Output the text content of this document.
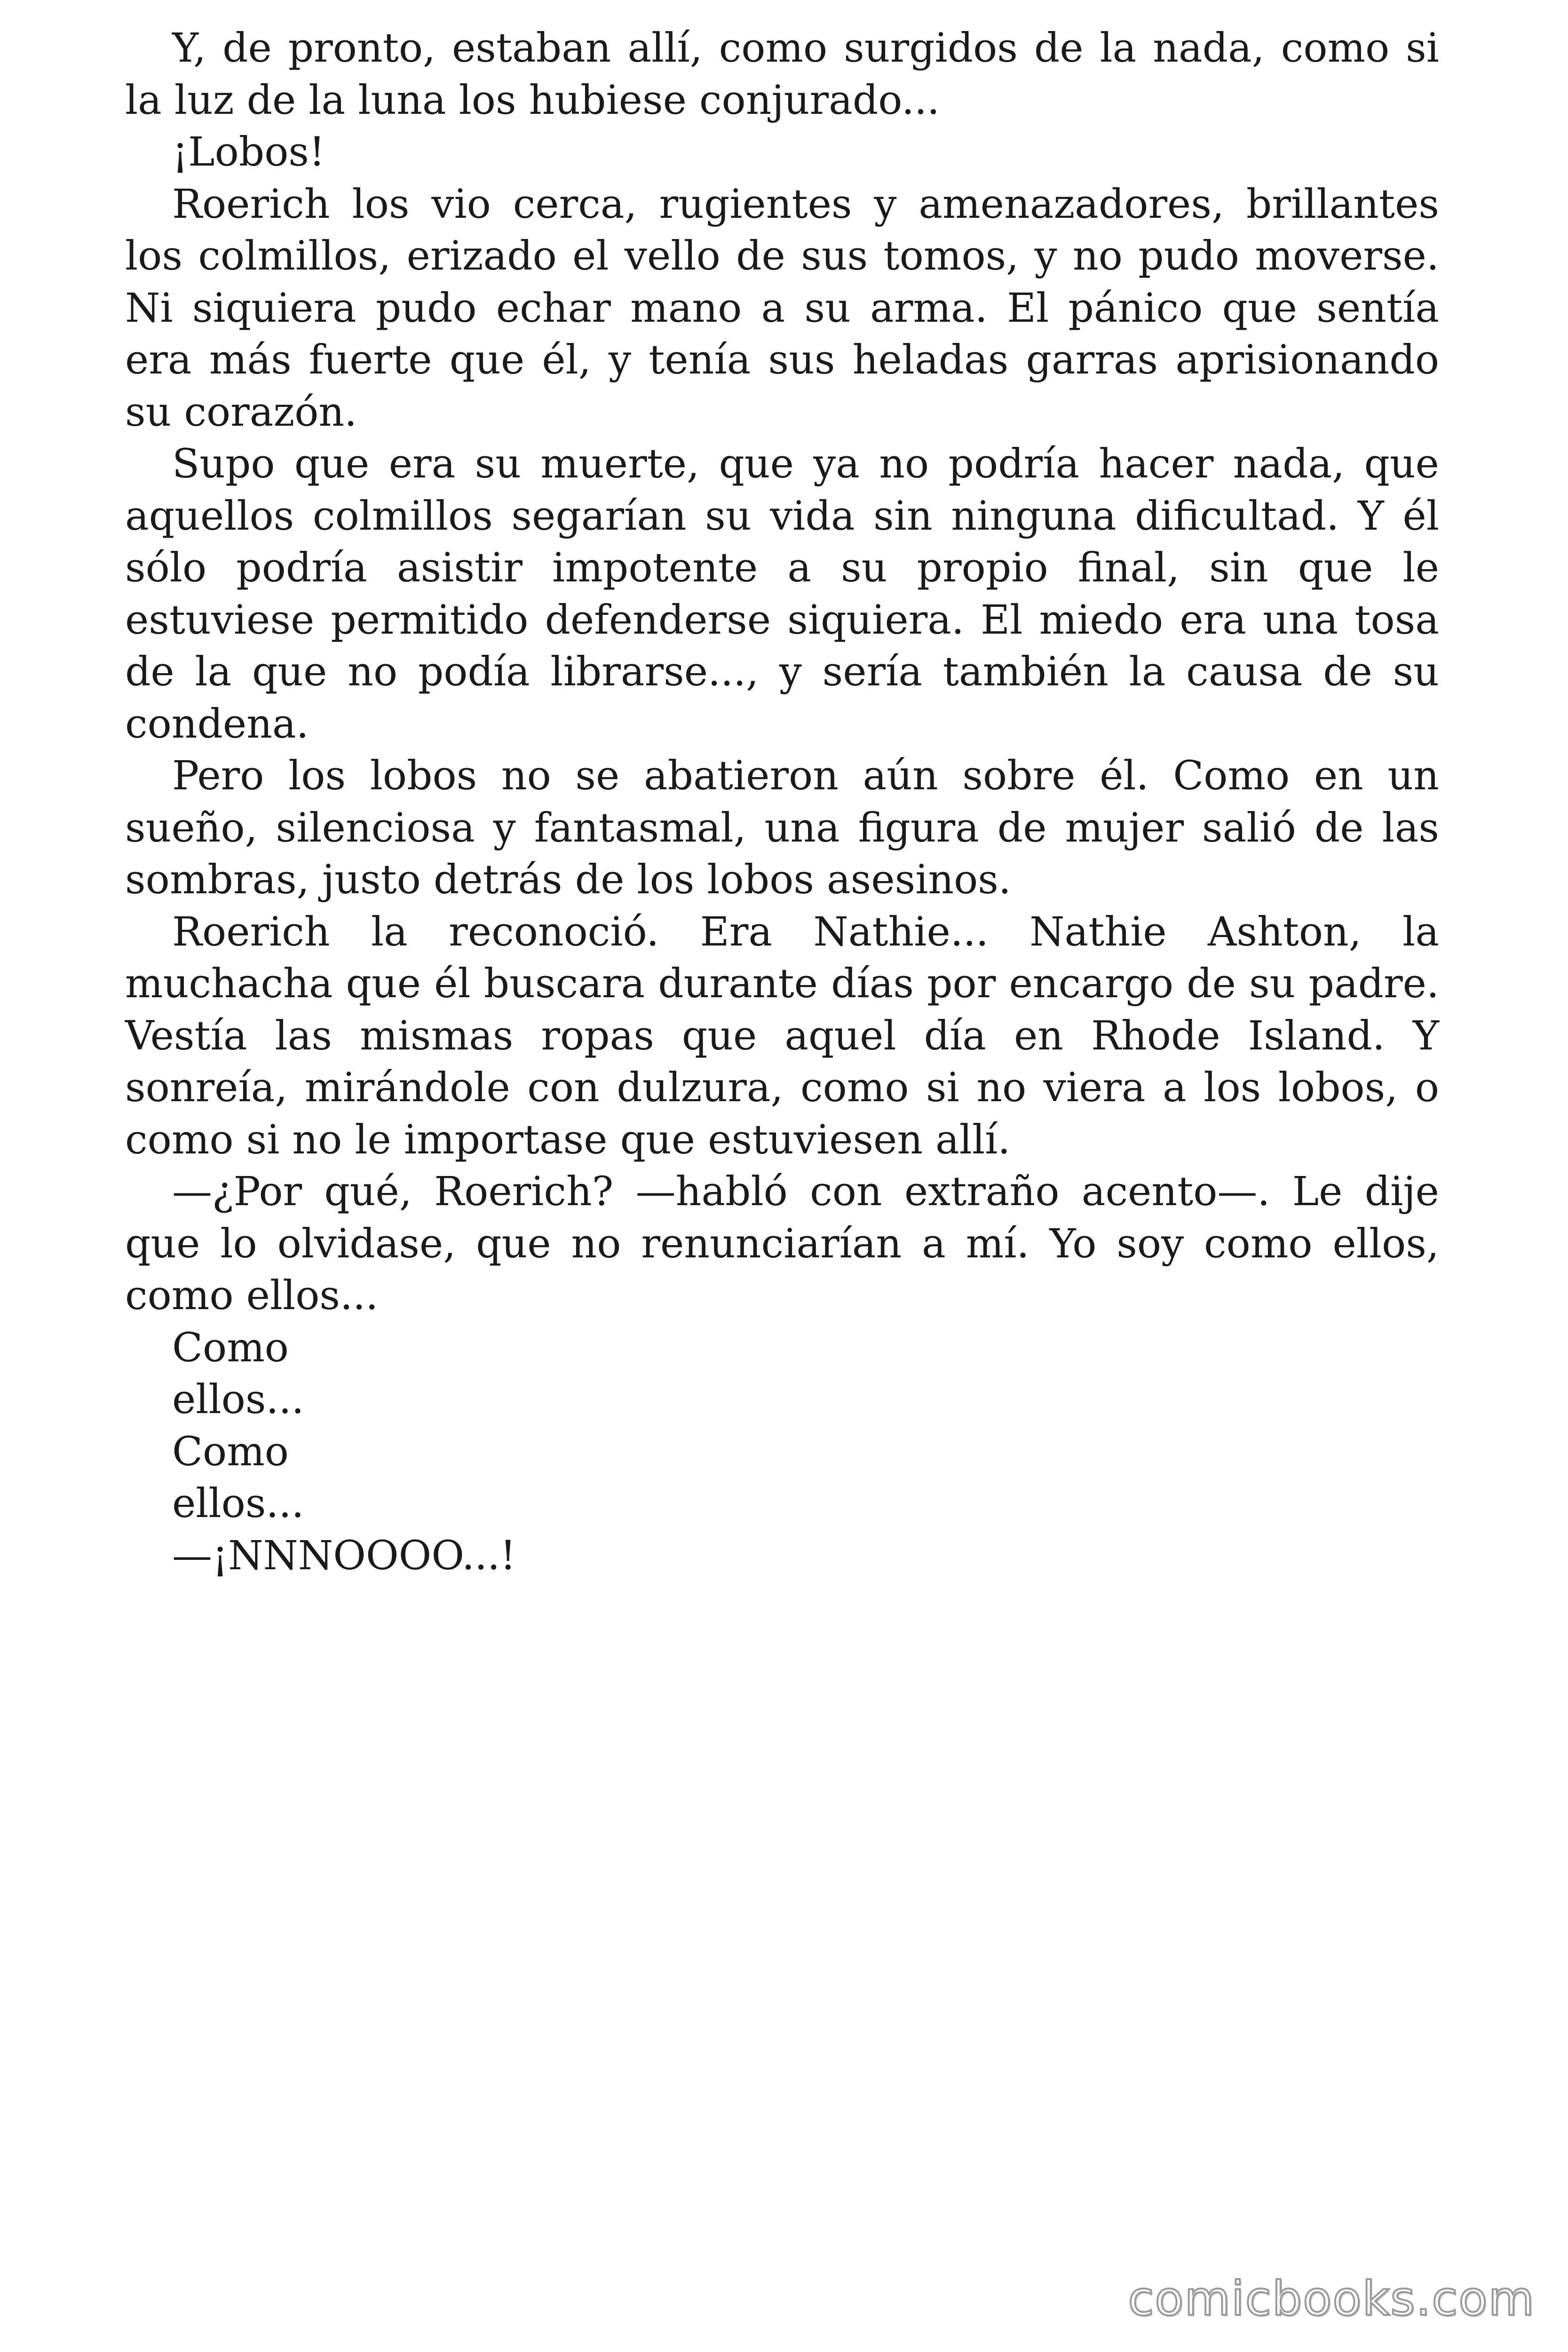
Y, de pronto, estaban allí, como surgidos de la nada, como si la luz de la luna los hubiese conjurado...

¡Lobos!

Roerich los vio cerca, rugientes y amenazadores, brillantes los colmillos, erizado el vello de sus tomos, y no pudo moverse. Ni siquiera pudo echar mano a su arma. El pánico que sentía era más fuerte que él, y tenía sus heladas garras aprisionando su corazón.

Supo que era su muerte, que ya no podría hacer nada, que aquellos colmillos segarían su vida sin ninguna dificultad. Y él sólo podría asistir impotente a su propio final, sin que le estuviese permitido defenderse siquiera. El miedo era una tosa de la que no podía librarse..., y sería también la causa de su condena.

Pero los lobos no se abatieron aún sobre él. Como en un sueño, silenciosa y fantasmal, una figura de mujer salió de las sombras, justo detrás de los lobos asesinos.

Roerich la reconoció. Era Nathie... Nathie Ashton, la muchacha que él buscara durante días por encargo de su padre. Vestía las mismas ropas que aquel día en Rhode Island. Y sonreía, mirándole con dulzura, como si no viera a los lobos, o como si no le importase que estuviesen allí.

—¿Por qué, Roerich? —habló con extraño acento—. Le dije que lo olvidase, que no renunciarían a mí. Yo soy como ellos, como ellos...

Como

ellos...

Como

ellos...

—¡NNNOOOO...!

comicbooks.com
